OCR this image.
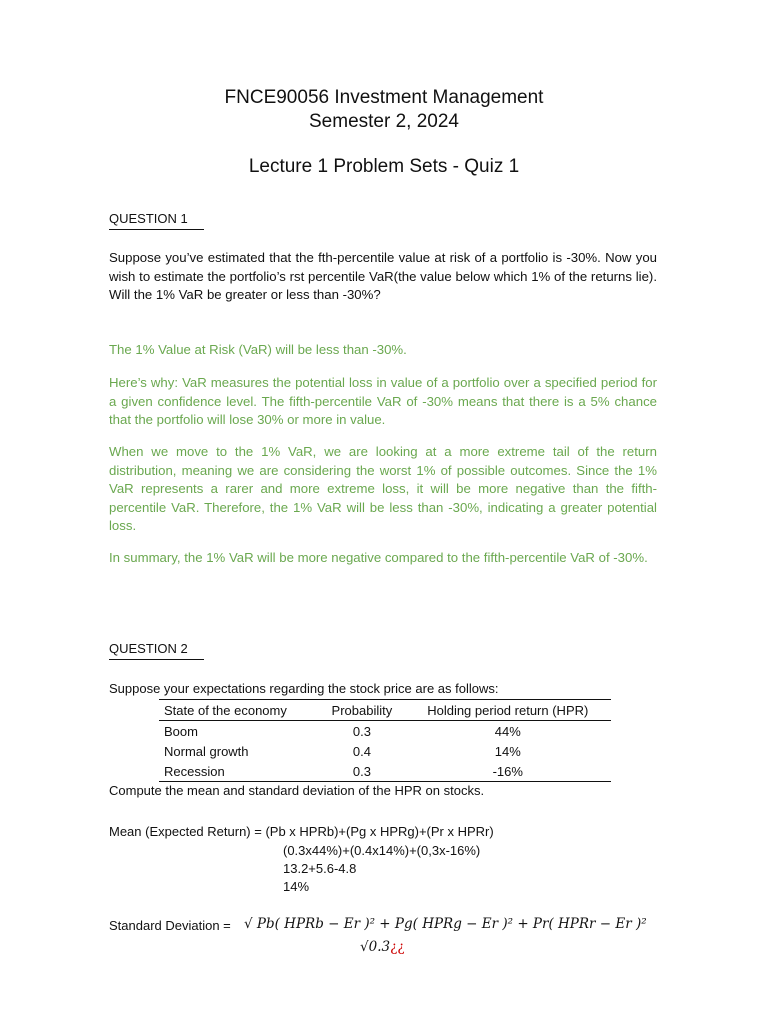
FNCE90056 Investment Management
Semester 2, 2024
Lecture 1 Problem Sets - Quiz 1
QUESTION 1

Suppose you’ve estimated that the fth-percentile value at risk of a portfolio is -30%. Now you wish to estimate the portfolio’s rst percentile VaR(the value below which 1% of the returns lie). Will the 1% VaR be greater or less than -30%?

The 1% Value at Risk (VaR) will be less than -30%.

Here’s why: VaR measures the potential loss in value of a portfolio over a specified period for a given confidence level. The fifth-percentile VaR of -30% means that there is a 5% chance that the portfolio will lose 30% or more in value.

When we move to the 1% VaR, we are looking at a more extreme tail of the return distribution, meaning we are considering the worst 1% of possible outcomes. Since the 1% VaR represents a rarer and more extreme loss, it will be more negative than the fifth-percentile VaR. Therefore, the 1% VaR will be less than -30%, indicating a greater potential loss.

In summary, the 1% VaR will be more negative compared to the fifth-percentile VaR of -30%.

QUESTION 2
Suppose your expectations regarding the stock price are as follows:
State of the economy	Probability	Holding period return (HPR)
Boom	0.3	44%
Normal growth	0.4	14%
Recession	0.3	-16%
Compute the mean and standard deviation of the HPR on stocks.
Mean (Expected Return) = (Pb x HPRb)+(Pg x HPRg)+(Pr x HPRr)
(0.3x44%)+(0.4x14%)+(0,3x-16%)
13.2+5.6-4.8
14%
Standard Deviation = √ Pb( HPRb − Er )² + Pg( HPRg − Er )² + Pr( HPRr − Er )²
√0.3¿¿
